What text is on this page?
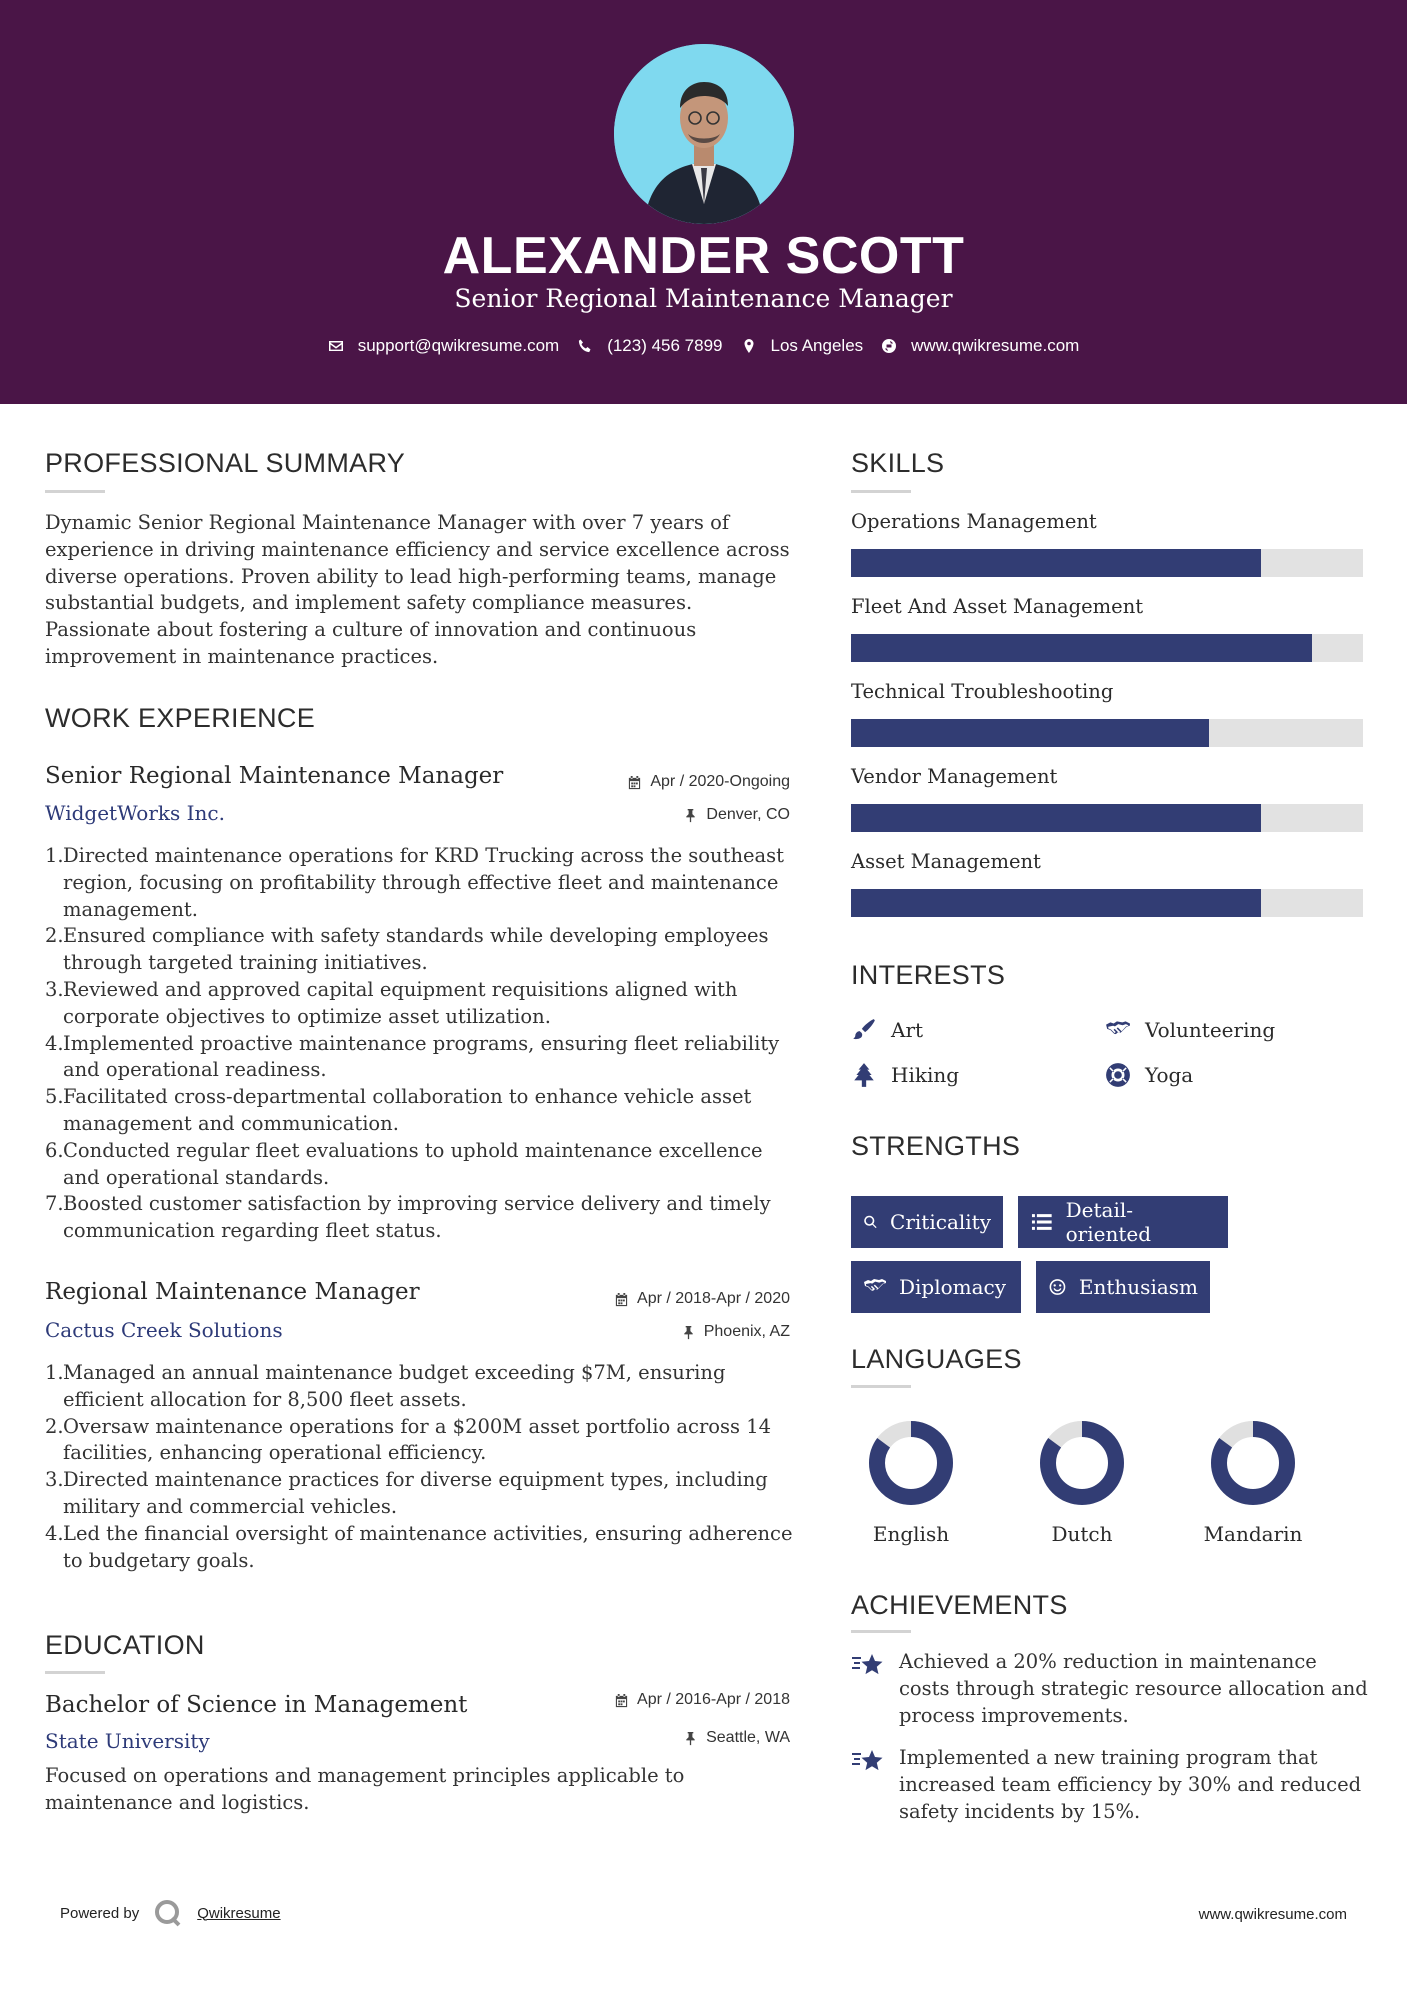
ALEXANDER SCOTT
Senior Regional Maintenance Manager
support@qwikresume.com	(123) 456 7899	Los Angeles	www.qwikresume.com
PROFESSIONAL SUMMARY
Dynamic Senior Regional Maintenance Manager with over 7 years of experience in driving maintenance efficiency and service excellence across diverse operations. Proven ability to lead high-performing teams, manage substantial budgets, and implement safety compliance measures. Passionate about fostering a culture of innovation and continuous improvement in maintenance practices.
WORK EXPERIENCE
Senior Regional Maintenance Manager	Apr / 2020-Ongoing
WidgetWorks Inc.	Denver, CO
1. Directed maintenance operations for KRD Trucking across the southeast region, focusing on profitability through effective fleet and maintenance management.
2. Ensured compliance with safety standards while developing employees through targeted training initiatives.
3. Reviewed and approved capital equipment requisitions aligned with corporate objectives to optimize asset utilization.
4. Implemented proactive maintenance programs, ensuring fleet reliability and operational readiness.
5. Facilitated cross-departmental collaboration to enhance vehicle asset management and communication.
6. Conducted regular fleet evaluations to uphold maintenance excellence and operational standards.
7. Boosted customer satisfaction by improving service delivery and timely communication regarding fleet status.
Regional Maintenance Manager	Apr / 2018-Apr / 2020
Cactus Creek Solutions	Phoenix, AZ
1. Managed an annual maintenance budget exceeding $7M, ensuring efficient allocation for 8,500 fleet assets.
2. Oversaw maintenance operations for a $200M asset portfolio across 14 facilities, enhancing operational efficiency.
3. Directed maintenance practices for diverse equipment types, including military and commercial vehicles.
4. Led the financial oversight of maintenance activities, ensuring adherence to budgetary goals.
EDUCATION
Bachelor of Science in Management	Apr / 2016-Apr / 2018
State University	Seattle, WA
Focused on operations and management principles applicable to maintenance and logistics.
SKILLS
Operations Management
Fleet And Asset Management
Technical Troubleshooting
Vendor Management
Asset Management
INTERESTS
Art	Volunteering
Hiking	Yoga
STRENGTHS
Criticality	Detail-oriented
Diplomacy	Enthusiasm
LANGUAGES
English	Dutch	Mandarin
ACHIEVEMENTS
Achieved a 20% reduction in maintenance costs through strategic resource allocation and process improvements.
Implemented a new training program that increased team efficiency by 30% and reduced safety incidents by 15%.
Powered by	Qwikresume	www.qwikresume.com
